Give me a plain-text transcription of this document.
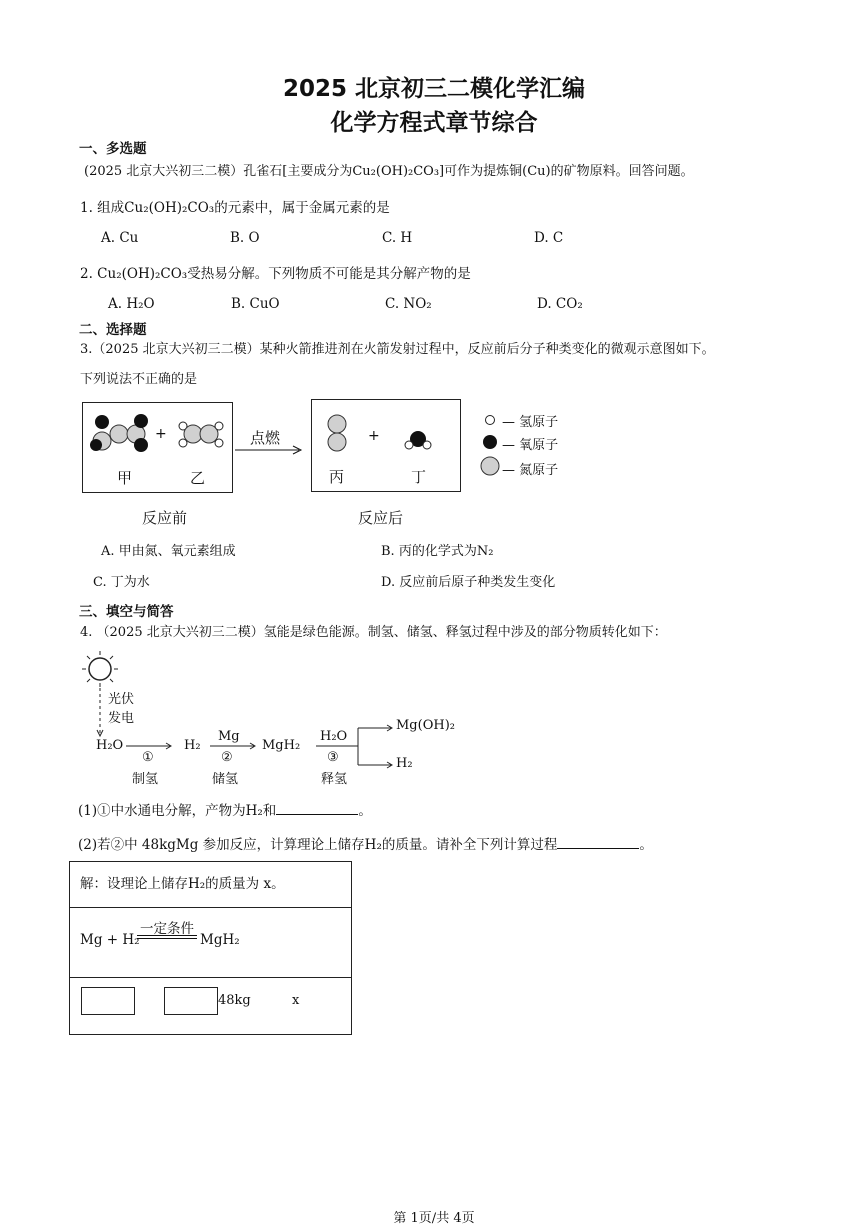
2025 北京初三二模化学汇编
化学方程式章节综合
一、多选题
(2025 北京大兴初三二模）孔雀石[主要成分为Cu₂(OH)₂CO₃]可作为提炼铜(Cu)的矿物原料。回答问题。
1. 组成Cu₂(OH)₂CO₃的元素中，属于金属元素的是
A. Cu	B. O	C. H	D. C
2. Cu₂(OH)₂CO₃受热易分解。下列物质不可能是其分解产物的是
A. H₂O	B. CuO	C. NO₂	D. CO₂
二、选择题
3.（2025 北京大兴初三二模）某种火箭推进剂在火箭发射过程中，反应前后分子种类变化的微观示意图如下。
下列说法不正确的是
+
甲	乙
点燃	+
丙	丁
— 氢原子
— 氧原子
— 氮原子
反应前	反应后
A. 甲由氮、氧元素组成	B. 丙的化学式为N₂
C. 丁为水	D. 反应前后原子种类发生变化
三、填空与简答
4. （2025 北京大兴初三二模）氢能是绿色能源。制氢、储氢、释氢过程中涉及的部分物质转化如下：
光伏
发电
H₂O	H₂	MgH₂
Mg(OH)₂
H₂
Mg	H₂O
①	②	③
制氢	储氢	释氢
(1)①中水通电分解，产物为H₂和	。
(2)若②中 48kgMg 参加反应，计算理论上储存H₂的质量。请补全下列计算过程	。
解：设理论上储存H₂的质量为 x。
Mg + H₂
一定条件
MgH₂
48kg	x
第 1页/共 4页
